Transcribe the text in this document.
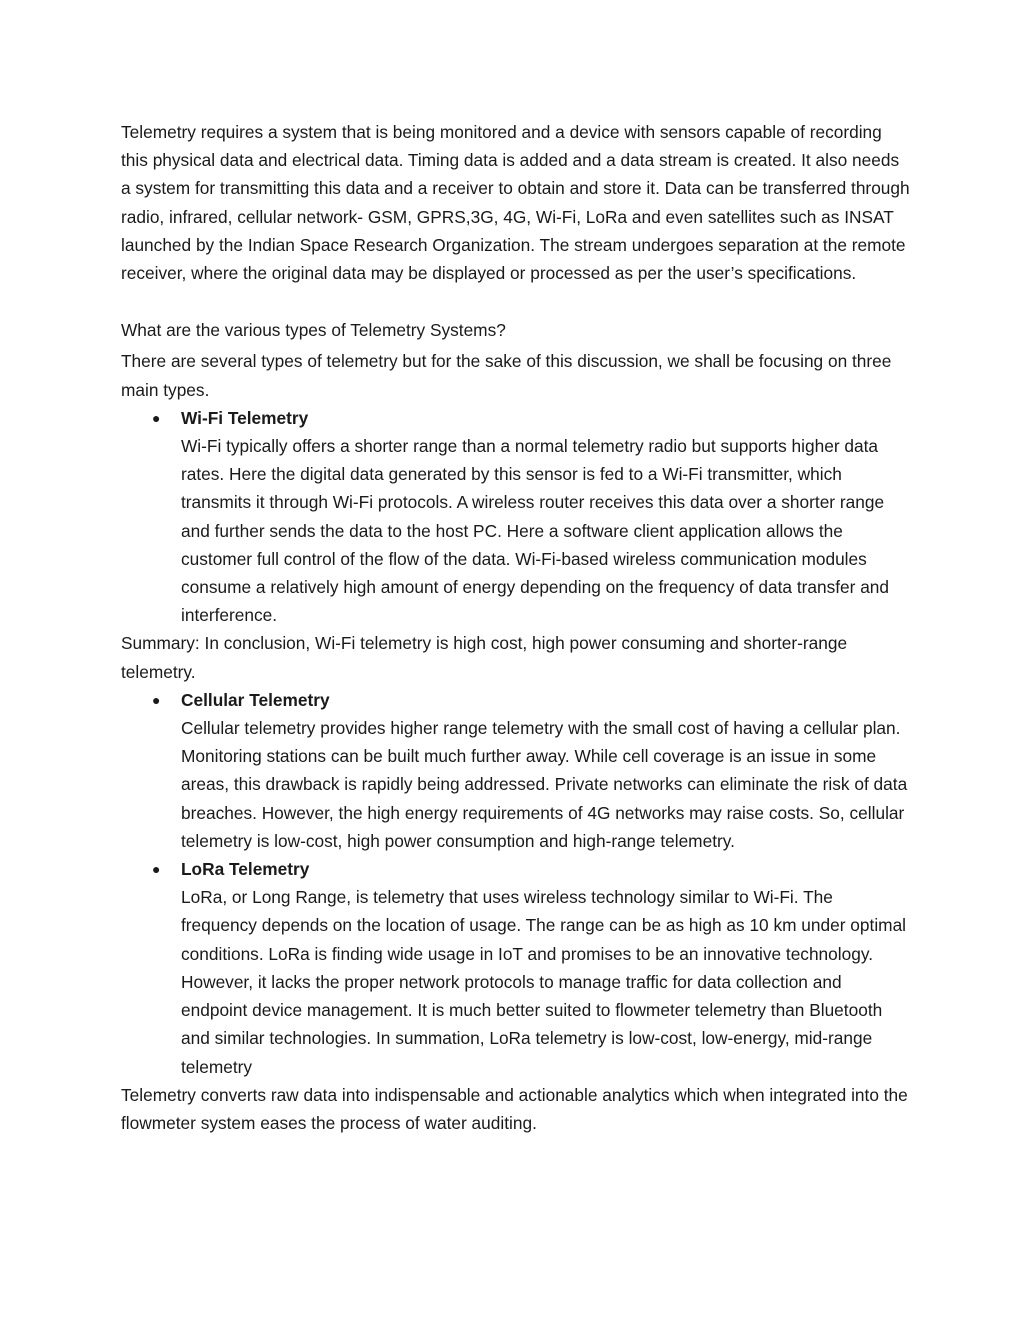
Telemetry requires a system that is being monitored and a device with sensors capable of recording this physical data and electrical data. Timing data is added and a data stream is created. It also needs a system for transmitting this data and a receiver to obtain and store it. Data can be transferred through radio, infrared, cellular network- GSM, GPRS,3G, 4G, Wi-Fi, LoRa and even satellites such as INSAT launched by the Indian Space Research Organization. The stream undergoes separation at the remote receiver, where the original data may be displayed or processed as per the user’s specifications.

What are the various types of Telemetry Systems?

There are several types of telemetry but for the sake of this discussion, we shall be focusing on three main types.

● Wi-Fi Telemetry
Wi-Fi typically offers a shorter range than a normal telemetry radio but supports higher data rates. Here the digital data generated by this sensor is fed to a Wi-Fi transmitter, which transmits it through Wi-Fi protocols. A wireless router receives this data over a shorter range and further sends the data to the host PC. Here a software client application allows the customer full control of the flow of the data. Wi-Fi-based wireless communication modules consume a relatively high amount of energy depending on the frequency of data transfer and interference.

Summary: In conclusion, Wi-Fi telemetry is high cost, high power consuming and shorter-range telemetry.

● Cellular Telemetry
Cellular telemetry provides higher range telemetry with the small cost of having a cellular plan. Monitoring stations can be built much further away. While cell coverage is an issue in some areas, this drawback is rapidly being addressed. Private networks can eliminate the risk of data breaches. However, the high energy requirements of 4G networks may raise costs. So, cellular telemetry is low-cost, high power consumption and high-range telemetry.
● LoRa Telemetry
LoRa, or Long Range, is telemetry that uses wireless technology similar to Wi-Fi. The frequency depends on the location of usage. The range can be as high as 10 km under optimal conditions. LoRa is finding wide usage in IoT and promises to be an innovative technology. However, it lacks the proper network protocols to manage traffic for data collection and endpoint device management. It is much better suited to flowmeter telemetry than Bluetooth and similar technologies. In summation, LoRa telemetry is low-cost, low-energy, mid-range telemetry

Telemetry converts raw data into indispensable and actionable analytics which when integrated into the flowmeter system eases the process of water auditing.
